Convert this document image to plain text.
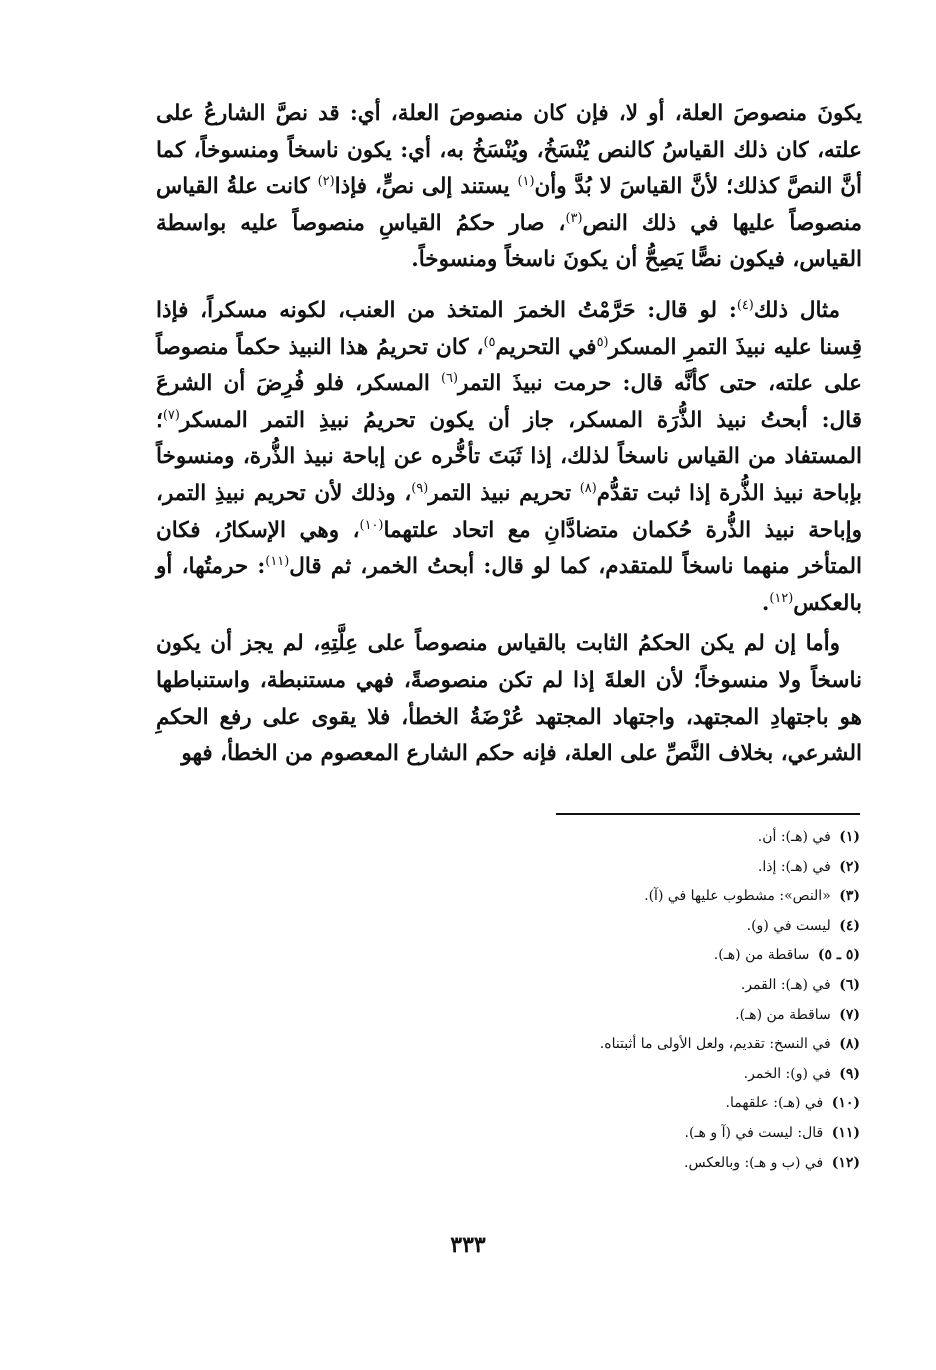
يكونَ منصوصَ العلة، أو لا، فإن كان منصوصَ العلة، أي: قد نصَّ الشارعُ على علته، كان ذلك القياسُ كالنص يُنْسَخُ، ويُنْسَخُ به، أي: يكون ناسخاً ومنسوخاً، كما أنَّ النصَّ كذلك؛ لأنَّ القياسَ لا بُدَّ وأن$^{(١)}$ يستند إلى نصٍّ، فإذا$^{(٢)}$ كانت علةُ القياس منصوصاً عليها في ذلك النص$^{(٣)}$، صار حكمُ القياسِ منصوصاً عليه بواسطة القياس، فيكون نصًّا يَصِحُّ أن يكونَ ناسخاً ومنسوخاً.

مثال ذلك$^{(٤)}$: لو قال: حَرَّمْتُ الخمرَ المتخذ من العنب، لكونه مسكراً، فإذا قِسنا عليه نبيذَ التمرِ المسكر$^{(٥}$في التحريم$^{٥)}$، كان تحريمُ هذا النبيذ حكماً منصوصاً على علته، حتى كأنَّه قال: حرمت نبيذَ التمر$^{(٦)}$ المسكر، فلو فُرِضَ أن الشرعَ قال: أبحتُ نبيذ الذُّرَة المسكر، جاز أن يكون تحريمُ نبيذِ التمر المسكر$^{(٧)}$؛ المستفاد من القياس ناسخاً لذلك، إذا ثَبَتَ تأخُّره عن إباحة نبيذ الذُّرة، ومنسوخاً بإباحة نبيذ الذُّرة إذا ثبت تقدُّم$^{(٨)}$ تحريم نبيذ التمر$^{(٩)}$، وذلك لأن تحريم نبيذِ التمر، وإباحة نبيذ الذُّرة حُكمان متضادَّانِ مع اتحاد علتهما$^{(١٠)}$، وهي الإسكارُ، فكان المتأخر منهما ناسخاً للمتقدم، كما لو قال: أبحتُ الخمر، ثم قال$^{(١١)}$: حرمتُها، أو بالعكس$^{(١٢)}$.

وأما إن لم يكن الحكمُ الثابت بالقياس منصوصاً على عِلَّتِهِ، لم يجز أن يكون ناسخاً ولا منسوخاً؛ لأن العلةَ إذا لم تكن منصوصةً، فهي مستنبطة، واستنباطها هو باجتهادِ المجتهد، واجتهاد المجتهد عُرْضَةُ الخطأ، فلا يقوى على رفع الحكمِ الشرعي، بخلاف النَّصِّ على العلة، فإنه حكم الشارع المعصوم من الخطأ، فهو

(١) في (هـ): أن.
(٢) في (هـ): إذا.
(٣) «النص»: مشطوب عليها في (آ).
(٤) ليست في (و).
(٥ ـ ٥) ساقطة من (هـ).
(٦) في (هـ): القمر.
(٧) ساقطة من (هـ).
(٨) في النسخ: تقديم، ولعل الأولى ما أثبتناه.
(٩) في (و): الخمر.
(١٠) في (هـ): علقهما.
(١١) قال: ليست في (آ و هـ).
(١٢) في (ب و هـ): وبالعكس.
٣٣٣
